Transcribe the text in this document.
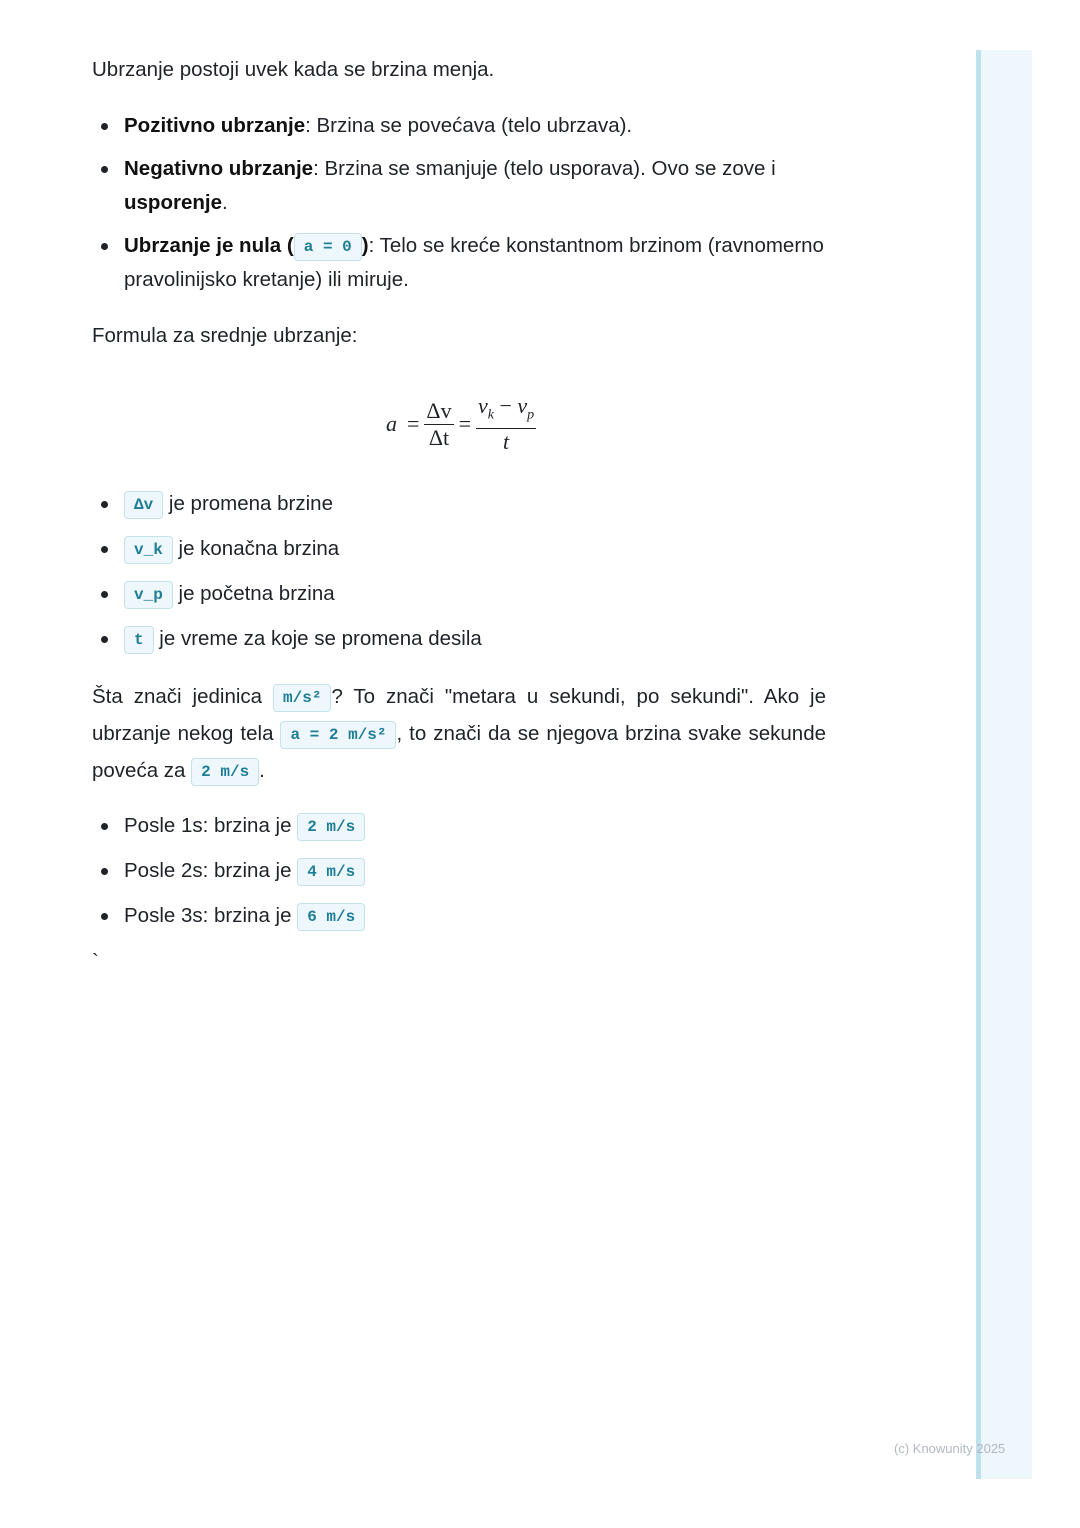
Ubrzanje postoji uvek kada se brzina menja.

Pozitivno ubrzanje: Brzina se povećava (telo ubrzava).
Negativno ubrzanje: Brzina se smanjuje (telo usporava). Ovo se zove i usporenje.
Ubrzanje je nula ( a = 0 ): Telo se kreće konstantnom brzinom (ravnomerno pravolinijsko kretanje) ili miruje.

Formula za srednje ubrzanje:

$a = \frac{\Delta v}{\Delta t} = \frac{v_k - v_p}{t}$
Δv je promena brzine
v_k je konačna brzina
v_p je početna brzina
t je vreme za koje se promena desila

Šta znači jedinica m/s² ? To znači "metara u sekundi, po sekundi". Ako je ubrzanje nekog tela a = 2 m/s² , to znači da se njegova brzina svake sekunde poveća za 2 m/s .

Posle 1s: brzina je 2 m/s
Posle 2s: brzina je 4 m/s
Posle 3s: brzina je 6 m/s

`

(c) Knowunity 2025
